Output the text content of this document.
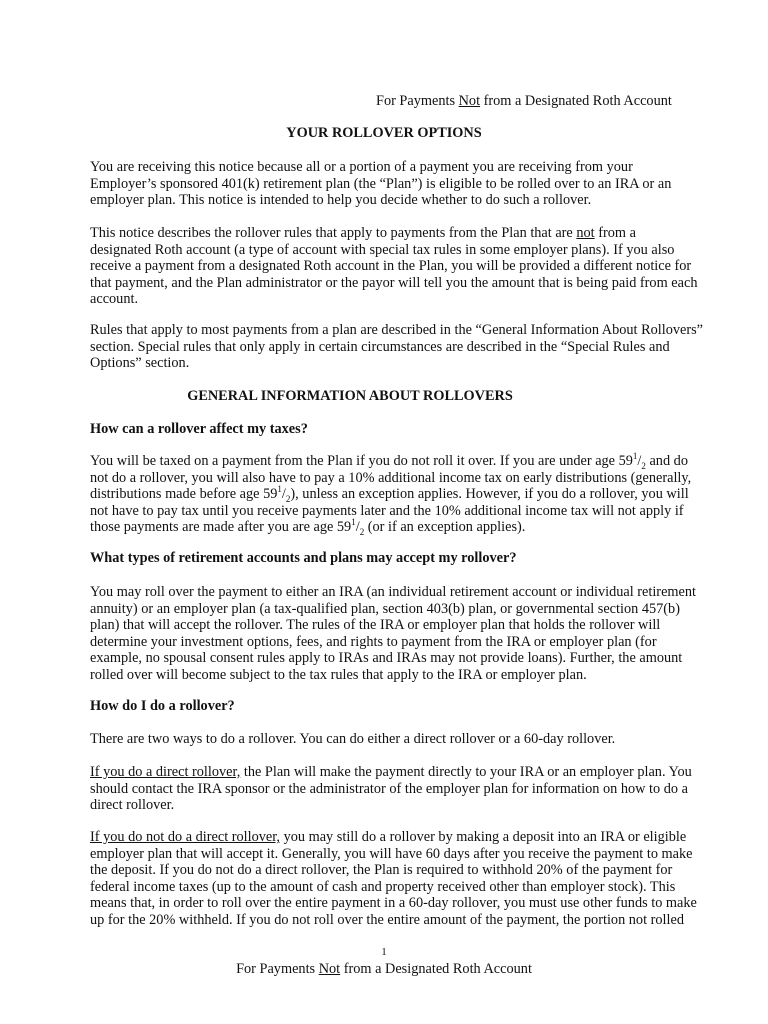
For Payments Not from a Designated Roth Account

YOUR ROLLOVER OPTIONS

You are receiving this notice because all or a portion of a payment you are receiving from your
Employer’s sponsored 401(k) retirement plan (the “Plan”) is eligible to be rolled over to an IRA or an
employer plan. This notice is intended to help you decide whether to do such a rollover.

This notice describes the rollover rules that apply to payments from the Plan that are not from a
designated Roth account (a type of account with special tax rules in some employer plans). If you also
receive a payment from a designated Roth account in the Plan, you will be provided a different notice for
that payment, and the Plan administrator or the payor will tell you the amount that is being paid from each
account.

Rules that apply to most payments from a plan are described in the “General Information About Rollovers”
section. Special rules that only apply in certain circumstances are described in the “Special Rules and
Options” section.

GENERAL INFORMATION ABOUT ROLLOVERS

How can a rollover affect my taxes?

You will be taxed on a payment from the Plan if you do not roll it over. If you are under age $59^1/_2$ and do
not do a rollover, you will also have to pay a 10% additional income tax on early distributions (generally,
distributions made before age $59^1/_2$), unless an exception applies. However, if you do a rollover, you will
not have to pay tax until you receive payments later and the 10% additional income tax will not apply if
those payments are made after you are age $59^1/_2$ (or if an exception applies).

What types of retirement accounts and plans may accept my rollover?

You may roll over the payment to either an IRA (an individual retirement account or individual retirement
annuity) or an employer plan (a tax-qualified plan, section 403(b) plan, or governmental section 457(b)
plan) that will accept the rollover. The rules of the IRA or employer plan that holds the rollover will
determine your investment options, fees, and rights to payment from the IRA or employer plan (for
example, no spousal consent rules apply to IRAs and IRAs may not provide loans). Further, the amount
rolled over will become subject to the tax rules that apply to the IRA or employer plan.

How do I do a rollover?

There are two ways to do a rollover. You can do either a direct rollover or a 60-day rollover.

If you do a direct rollover, the Plan will make the payment directly to your IRA or an employer plan. You
should contact the IRA sponsor or the administrator of the employer plan for information on how to do a
direct rollover.

If you do not do a direct rollover, you may still do a rollover by making a deposit into an IRA or eligible
employer plan that will accept it. Generally, you will have 60 days after you receive the payment to make
the deposit. If you do not do a direct rollover, the Plan is required to withhold 20% of the payment for
federal income taxes (up to the amount of cash and property received other than employer stock). This
means that, in order to roll over the entire payment in a 60-day rollover, you must use other funds to make
up for the 20% withheld. If you do not roll over the entire amount of the payment, the portion not rolled

1
For Payments Not from a Designated Roth Account
